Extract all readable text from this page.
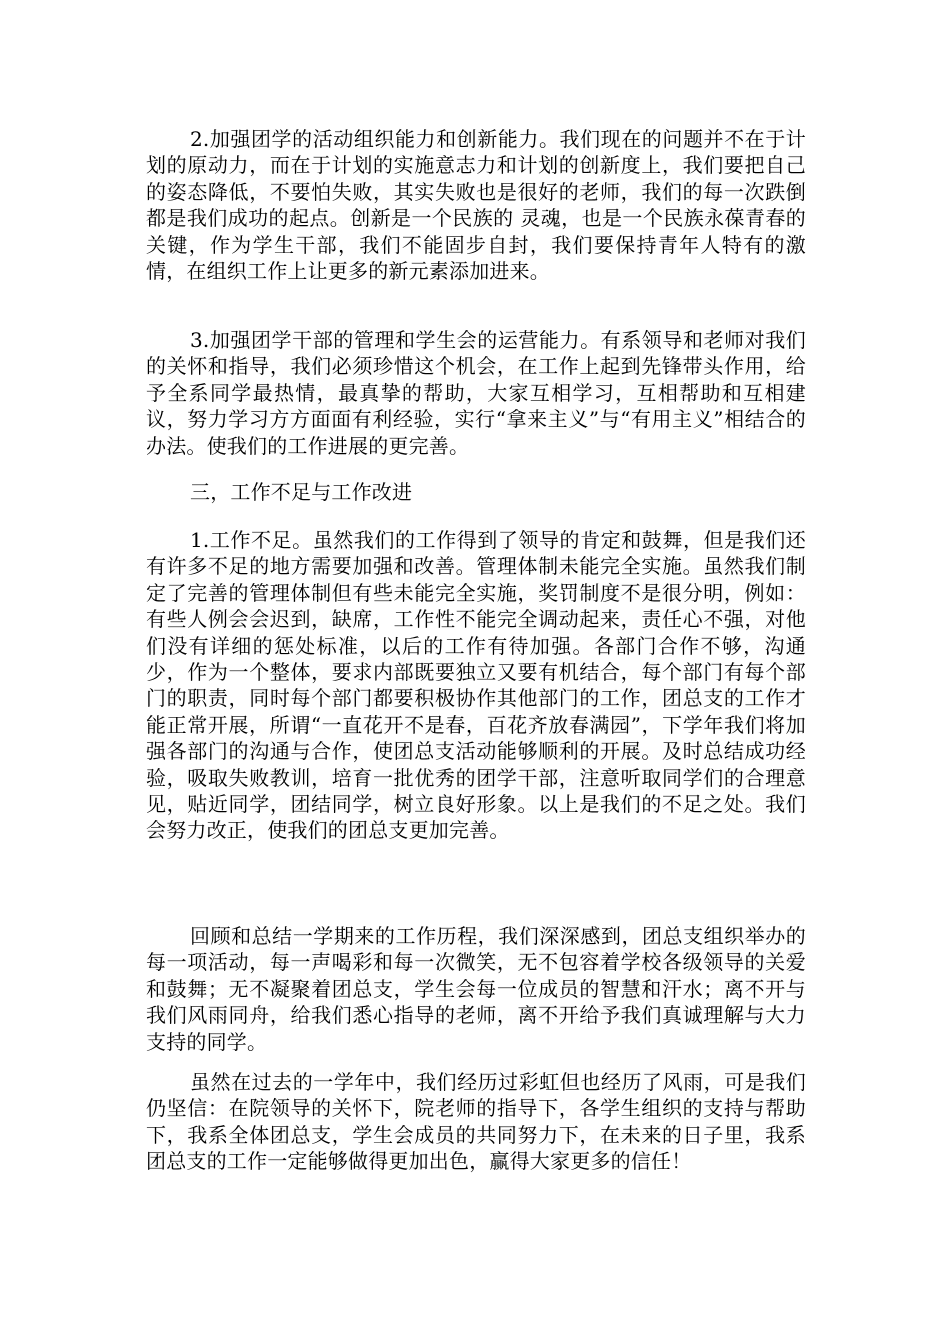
2.加强团学的活动组织能力和创新能力。我们现在的问题并不在于计划的原动力，而在于计划的实施意志力和计划的创新度上，我们要把自己的姿态降低，不要怕失败，其实失败也是很好的老师，我们的每一次跌倒都是我们成功的起点。创新是一个民族的 灵魂，也是一个民族永葆青春的关键，作为学生干部，我们不能固步自封，我们要保持青年人特有的激情，在组织工作上让更多的新元素添加进来。

3.加强团学干部的管理和学生会的运营能力。有系领导和老师对我们的关怀和指导，我们必须珍惜这个机会，在工作上起到先锋带头作用，给予全系同学最热情，最真挚的帮助，大家互相学习，互相帮助和互相建议，努力学习方方面面有利经验，实行“拿来主义”与“有用主义”相结合的办法。使我们的工作进展的更完善。

三，工作不足与工作改进

1.工作不足。虽然我们的工作得到了领导的肯定和鼓舞，但是我们还有许多不足的地方需要加强和改善。管理体制未能完全实施。虽然我们制定了完善的管理体制但有些未能完全实施，奖罚制度不是很分明，例如：有些人例会会迟到，缺席，工作性不能完全调动起来，责任心不强，对他们没有详细的惩处标准，以后的工作有待加强。各部门合作不够，沟通少，作为一个整体，要求内部既要独立又要有机结合，每个部门有每个部门的职责，同时每个部门都要积极协作其他部门的工作，团总支的工作才能正常开展，所谓“一直花开不是春，百花齐放春满园”，下学年我们将加强各部门的沟通与合作，使团总支活动能够顺利的开展。及时总结成功经验，吸取失败教训，培育一批优秀的团学干部，注意听取同学们的合理意见，贴近同学，团结同学，树立良好形象。以上是我们的不足之处。我们会努力改正，使我们的团总支更加完善。

回顾和总结一学期来的工作历程，我们深深感到，团总支组织举办的每一项活动，每一声喝彩和每一次微笑，无不包容着学校各级领导的关爱和鼓舞；无不凝聚着团总支，学生会每一位成员的智慧和汗水；离不开与我们风雨同舟，给我们悉心指导的老师，离不开给予我们真诚理解与大力支持的同学。

虽然在过去的一学年中，我们经历过彩虹但也经历了风雨，可是我们仍坚信：在院领导的关怀下，院老师的指导下，各学生组织的支持与帮助下，我系全体团总支，学生会成员的共同努力下，在未来的日子里，我系团总支的工作一定能够做得更加出色，赢得大家更多的信任！
